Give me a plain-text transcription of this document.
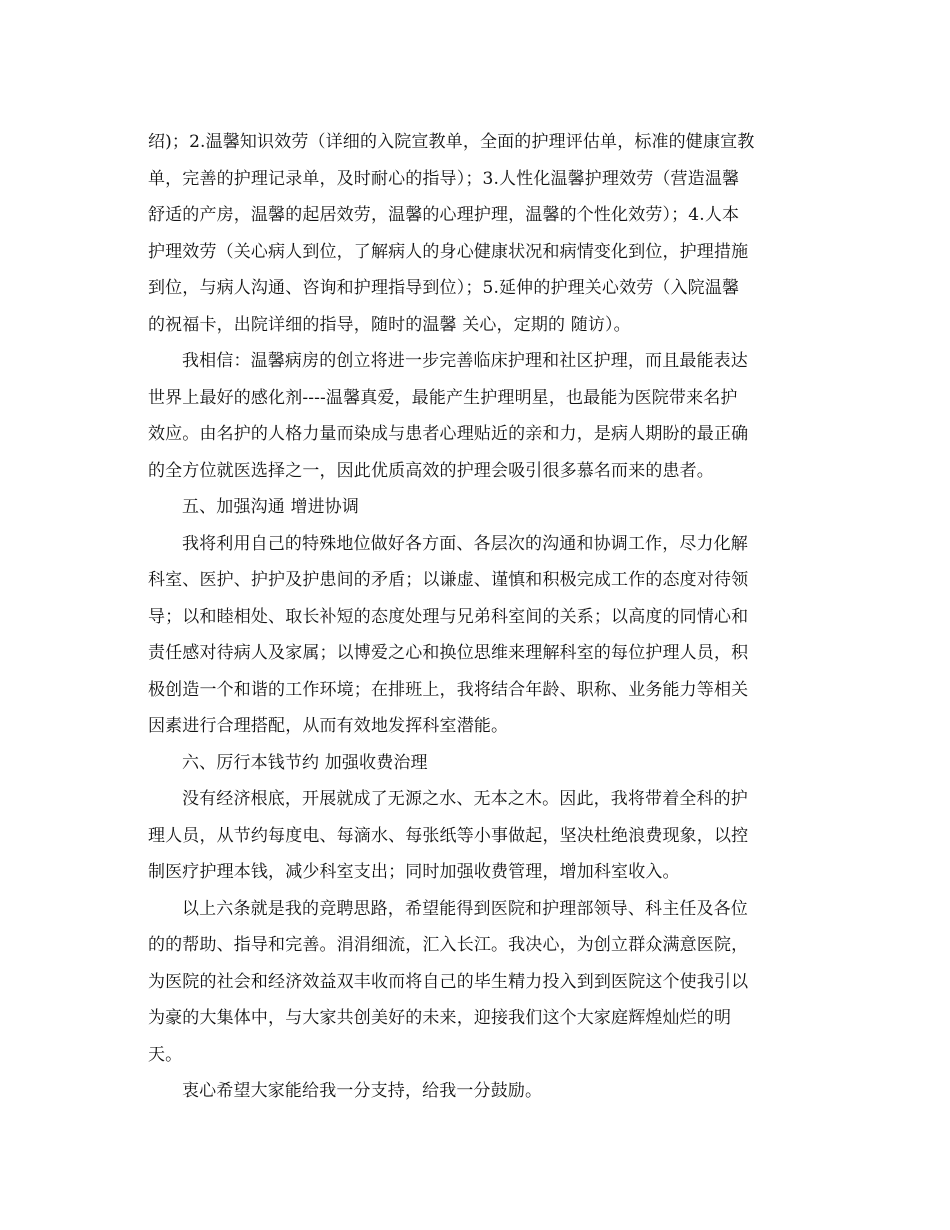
绍)；2.温馨知识效劳（详细的入院宣教单，全面的护理评估单，标准的健康宣教
单，完善的护理记录单，及时耐心的指导）；3.人性化温馨护理效劳（营造温馨
舒适的产房，温馨的起居效劳，温馨的心理护理，温馨的个性化效劳）；4.人本
护理效劳（关心病人到位，了解病人的身心健康状况和病情变化到位，护理措施
到位，与病人沟通、咨询和护理指导到位）；5.延伸的护理关心效劳（入院温馨
的祝福卡，出院详细的指导，随时的温馨 关心，定期的 随访）。
我相信：温馨病房的创立将进一步完善临床护理和社区护理，而且最能表达
世界上最好的感化剂----温馨真爱，最能产生护理明星，也最能为医院带来名护
效应。由名护的人格力量而染成与患者心理贴近的亲和力，是病人期盼的最正确
的全方位就医选择之一，因此优质高效的护理会吸引很多慕名而来的患者。
五、加强沟通 增进协调
我将利用自己的特殊地位做好各方面、各层次的沟通和协调工作，尽力化解
科室、医护、护护及护患间的矛盾；以谦虚、谨慎和积极完成工作的态度对待领
导；以和睦相处、取长补短的态度处理与兄弟科室间的关系；以高度的同情心和
责任感对待病人及家属；以博爱之心和换位思维来理解科室的每位护理人员，积
极创造一个和谐的工作环境；在排班上，我将结合年龄、职称、业务能力等相关
因素进行合理搭配，从而有效地发挥科室潜能。
六、厉行本钱节约 加强收费治理
没有经济根底，开展就成了无源之水、无本之木。因此，我将带着全科的护
理人员，从节约每度电、每滴水、每张纸等小事做起，坚决杜绝浪费现象，以控
制医疗护理本钱，减少科室支出；同时加强收费管理，增加科室收入。
以上六条就是我的竞聘思路，希望能得到医院和护理部领导、科主任及各位
的的帮助、指导和完善。涓涓细流，汇入长江。我决心，为创立群众满意医院，
为医院的社会和经济效益双丰收而将自己的毕生精力投入到到医院这个使我引以
为豪的大集体中，与大家共创美好的未来，迎接我们这个大家庭辉煌灿烂的明
天。
衷心希望大家能给我一分支持，给我一分鼓励。
